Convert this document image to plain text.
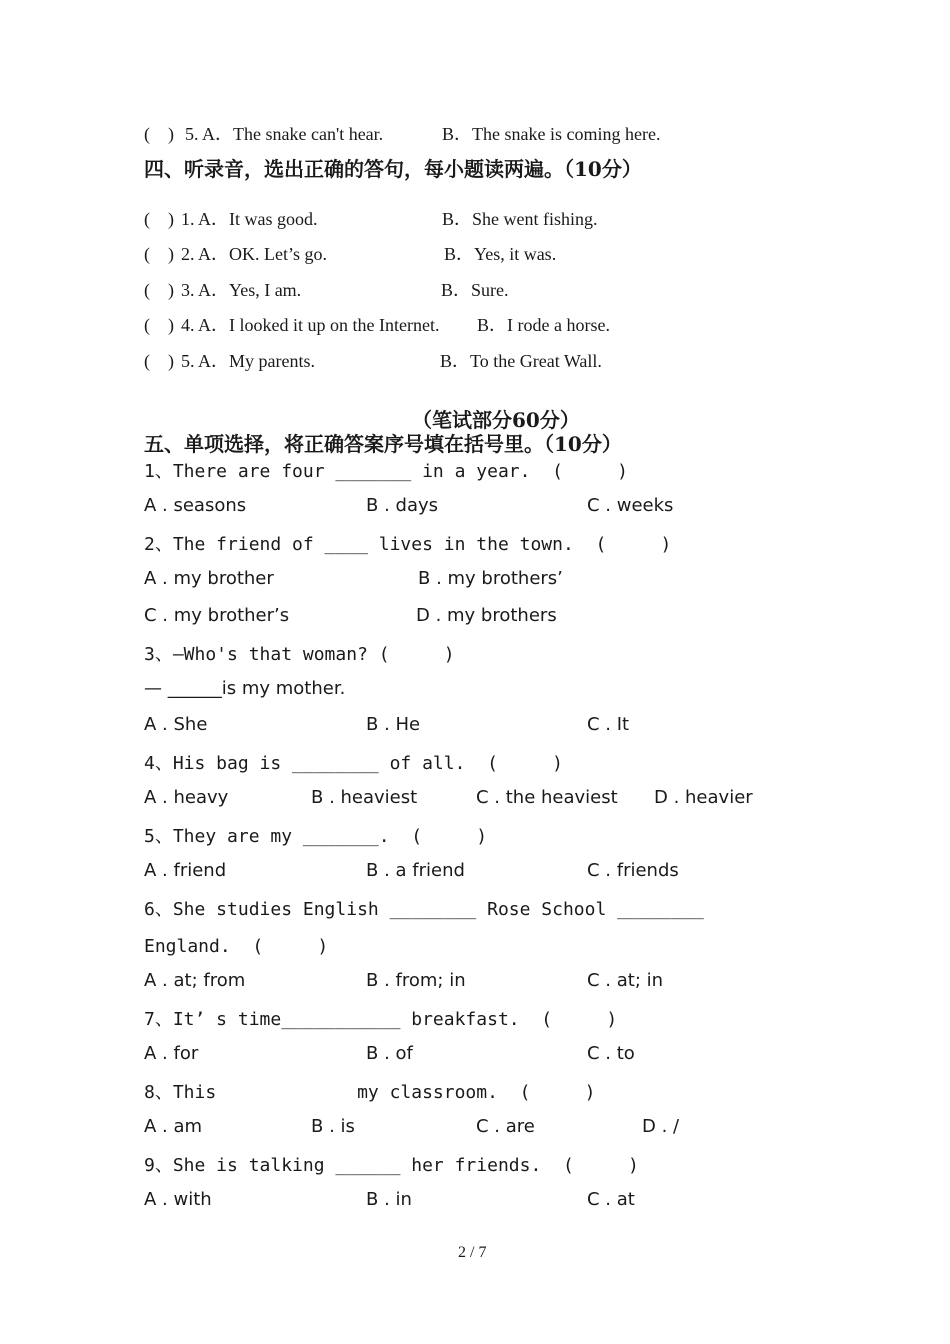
(    ) 5. A．The snake can't hear.	B．The snake is coming here.
四、听录音，选出正确的答句，每小题读两遍。（10分）
(    ) 1. A．It was good.	B．She went fishing.
(    ) 2. A．OK. Let’s go.	B．Yes, it was.
(    ) 3. A．Yes, I am.	B．Sure.
(    ) 4. A．I looked it up on the Internet. B．I rode a horse.
(    ) 5. A．My parents.	B．To the Great Wall.
（笔试部分60分）
五、单项选择，将正确答案序号填在括号里。（10分）
1、There are four _______ in a year.  (     )
A . seasons	B . days	C . weeks
2、The friend of ____ lives in the town.  (     )
A . my brother	B . my brothers’
C . my brother’s	D . my brothers
3、—Who's that woman? (     )
— ______is my mother.
A . She	B . He	C . It
4、His bag is ________ of all.  (     )
A . heavy	B . heaviest	C . the heaviest D . heavier
5、They are my _______.  (     )
A . friend	B . a friend	C . friends
6、She studies English ________ Rose School ________
England.  (     )
A . at; from	B . from; in	C . at; in
7、It’ s time___________ breakfast.  (     )
A . for	B . of	C . to
8、This             my classroom.  (     )
A . am	B . is	C . are	D . /
9、She is talking ______ her friends.  (     )
A . with	B . in	C . at
2 / 7
